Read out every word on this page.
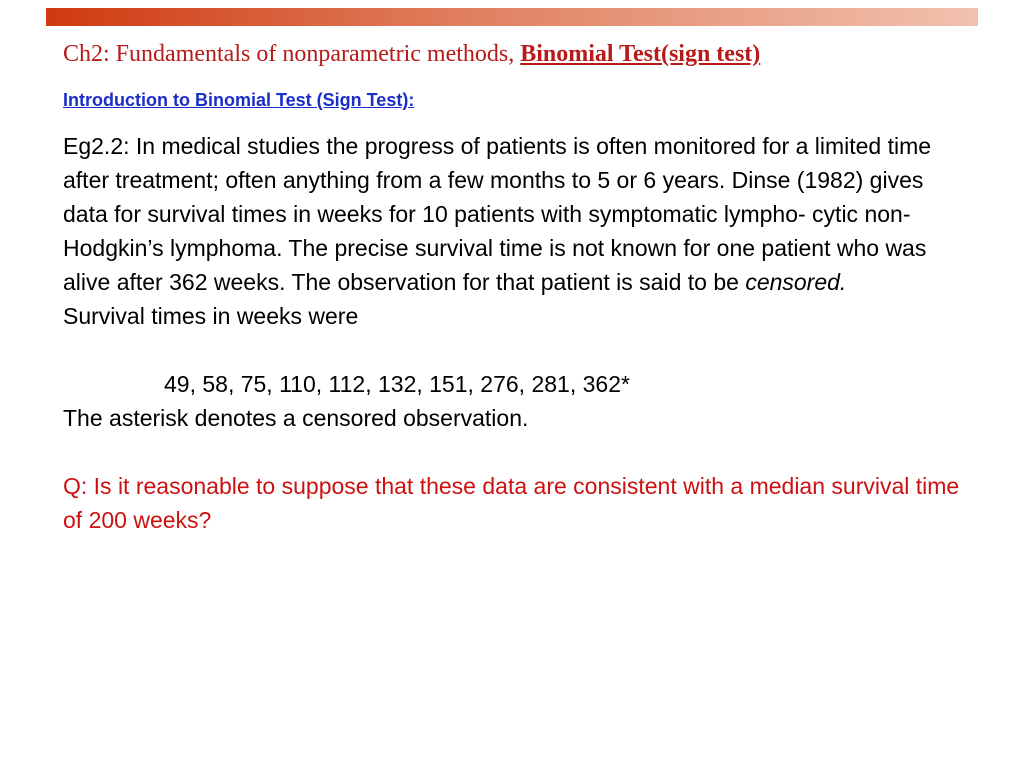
Ch2: Fundamentals of nonparametric methods, Binomial Test(sign test)

Introduction to Binomial Test (Sign Test):

Eg2.2: In medical studies the progress of patients is often monitored for a limited time after treatment; often anything from a few months to 5 or 6 years. Dinse (1982) gives data for survival times in weeks for 10 patients with symptomatic lympho- cytic non-Hodgkin’s lymphoma. The precise survival time is not known for one patient who was alive after 362 weeks. The observation for that patient is said to be censored.
Survival times in weeks were

49, 58, 75, 110, 112, 132, 151, 276, 281, 362*

The asterisk denotes a censored observation.

Q: Is it reasonable to suppose that these data are consistent with a median survival time of 200 weeks?
